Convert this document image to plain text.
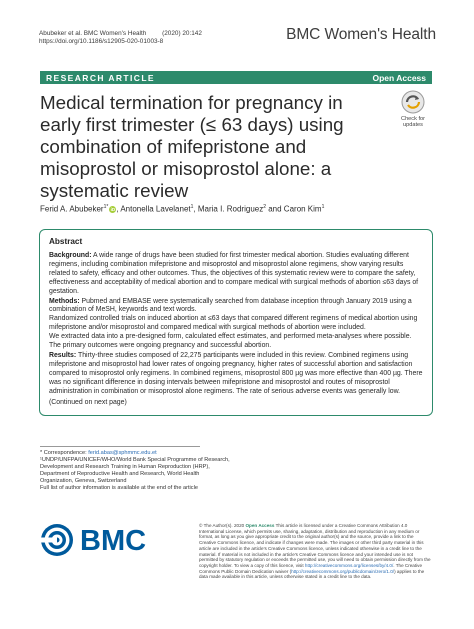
Abubeker et al. BMC Women's Health (2020) 20:142
https://doi.org/10.1186/s12905-020-01003-8	BMC Women's Health
RESEARCH ARTICLE	Open Access
Medical termination for pregnancy in early first trimester (≤ 63 days) using combination of mifepristone and misoprostol or misoprostol alone: a systematic review
Check for
updates
Ferid A. Abubeker$^{1*}$ iD, Antonella Lavelanet$^1$, Maria I. Rodriguez$^2$ and Caron Kim$^1$
Abstract

Background: A wide range of drugs have been studied for first trimester medical abortion. Studies evaluating different regimens, including combination mifepristone and misoprostol and misoprostol alone regimens, show varying results related to safety, efficacy and other outcomes. Thus, the objectives of this systematic review were to compare the safety, effectiveness and acceptability of medical abortion and to compare medical with surgical methods of abortion ≤63 days of gestation.

Methods: Pubmed and EMBASE were systematically searched from database inception through January 2019 using a combination of MeSH, keywords and text words.

Randomized controlled trials on induced abortion at ≤63 days that compared different regimens of medical abortion using mifepristone and/or misoprostol and compared medical with surgical methods of abortion were included.

We extracted data into a pre-designed form, calculated effect estimates, and performed meta-analyses where possible. The primary outcomes were ongoing pregnancy and successful abortion.

Results: Thirty-three studies composed of 22,275 participants were included in this review. Combined regimens using mifepristone and misoprostol had lower rates of ongoing pregnancy, higher rates of successful abortion and satisfaction compared to misoprostol only regimens. In combined regimens, misoprostol 800 µg was more effective than 400 µg. There was no significant difference in dosing intervals between mifepristone and misoprostol and routes of misoprostol administration in combination or misoprostol alone regimens. The rate of serious adverse events was generally low.

(Continued on next page)

* Correspondence: ferid.abas@sphmmc.edu.et
¹UNDP/UNFPA/UNICEF/WHO/World Bank Special Programme of Research,
Development and Research Training in Human Reproduction (HRP),
Department of Reproductive Health and Research, World Health
Organization, Geneva, Switzerland
Full list of author information is available at the end of the article
BMC	© The Author(s). 2020 Open Access This article is licensed under a Creative Commons Attribution 4.0 International License, which permits use, sharing, adaptation, distribution and reproduction in any medium or format, as long as you give appropriate credit to the original author(s) and the source, provide a link to the Creative Commons licence, and indicate if changes were made. The images or other third party material in this article are included in the article's Creative Commons licence, unless indicated otherwise in a credit line to the material. If material is not included in the article's Creative Commons licence and your intended use is not permitted by statutory regulation or exceeds the permitted use, you will need to obtain permission directly from the copyright holder. To view a copy of this licence, visit http://creativecommons.org/licenses/by/4.0/. The Creative Commons Public Domain Dedication waiver (http://creativecommons.org/publicdomain/zero/1.0/) applies to the data made available in this article, unless otherwise stated in a credit line to the data.
